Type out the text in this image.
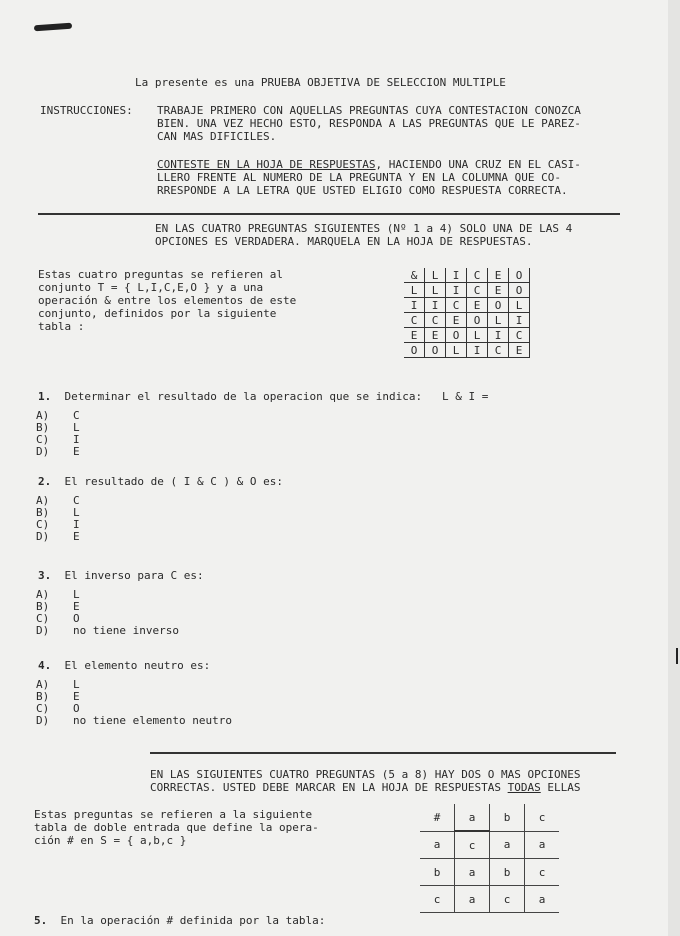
La presente es una PRUEBA OBJETIVA DE SELECCION MULTIPLE
INSTRUCCIONES: TRABAJE PRIMERO CON AQUELLAS PREGUNTAS CUYA CONTESTACION CONOZCA
BIEN. UNA VEZ HECHO ESTO, RESPONDA A LAS PREGUNTAS QUE LE PAREZ-
CAN MAS DIFICILES.
CONTESTE EN LA HOJA DE RESPUESTAS, HACIENDO UNA CRUZ EN EL CASI-
LLERO FRENTE AL NUMERO DE LA PREGUNTA Y EN LA COLUMNA QUE CO-
RRESPONDE A LA LETRA QUE USTED ELIGIO COMO RESPUESTA CORRECTA.
EN LAS CUATRO PREGUNTAS SIGUIENTES (Nº 1 a 4) SOLO UNA DE LAS 4
OPCIONES ES VERDADERA. MARQUELA EN LA HOJA DE RESPUESTAS.
Estas cuatro preguntas se refieren al
conjunto T = { L,I,C,E,O } y a una
operación & entre los elementos de este
conjunto, definidos por la siguiente
tabla :
&	L	I	C	E	O
L	L	I	C	E	O
I	I	C	E	O	L
C	C	E	O	L	I
E	E	O	L	I	C
O	O	L	I	C	E
1.  Determinar el resultado de la operacion que se indica:   L & I =
A) C
B) L
C) I
D) E
2.  El resultado de ( I & C ) & O es:
A) C
B) L
C) I
D) E
3.  El inverso para C es:
A) L
B) E
C) O
D) no tiene inverso
4.  El elemento neutro es:
A) L
B) E
C) O
D) no tiene elemento neutro
EN LAS SIGUIENTES CUATRO PREGUNTAS (5 a 8) HAY DOS O MAS OPCIONES
CORRECTAS. USTED DEBE MARCAR EN LA HOJA DE RESPUESTAS TODAS ELLAS
Estas preguntas se refieren a la siguiente
tabla de doble entrada que define la opera-
ción # en S = { a,b,c }
#	a	b	c
a	c	a	a
b	a	b	c
c	a	c	a
5. En la operación # definida por la tabla:
